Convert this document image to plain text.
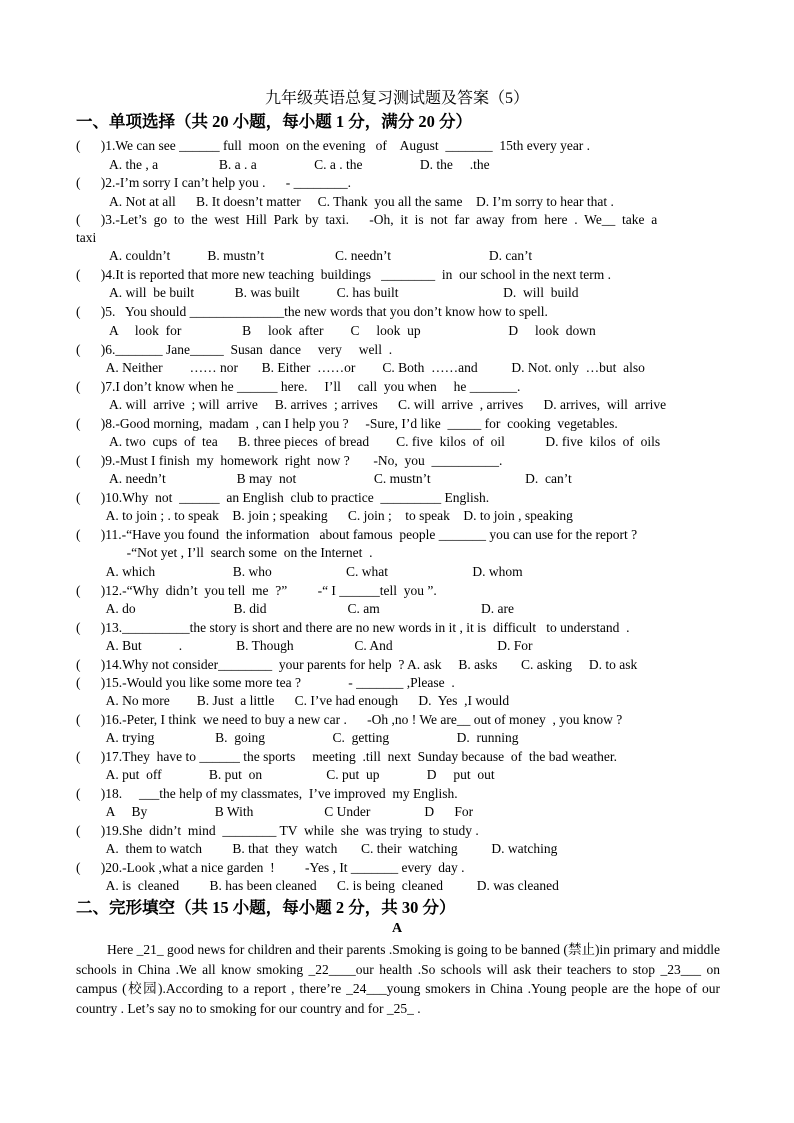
九年级英语总复习测试题及答案（5）
一、单项选择（共 20 小题，每小题 1 分，满分 20 分）
(      )1.We can see ______ full  moon  on the evening   of    August  _______  15th every year .
A. the , a                  B. a . a                 C. a . the                 D. the     .the
(      )2.-I’m sorry I can’t help you .      - ________.
A. Not at all      B. It doesn’t matter     C. Thank  you all the same    D. I’m sorry to hear that .
(      )3.-Let’s  go  to  the  west  Hill  Park  by  taxi.      -Oh,  it  is  not  far  away  from  here  .  We__  take  a
taxi
A. couldn’t           B. mustn’t                     C. needn’t                             D. can’t
(      )4.It is reported that more new teaching  buildings   ________  in  our school in the next term .
A. will  be built            B. was built           C. has built                               D.  will  build
(      )5.   You should ______________the new words that you don’t know how to spell.
A     look  for                  B     look  after        C     look  up                          D     look  down
(      )6._______ Jane_____  Susan  dance     very     well  .
A. Neither        …… nor       B. Either  ……or        C. Both  ……and          D. Not. only  …but  also
(      )7.I don’t know when he ______ here.     I’ll     call  you when     he _______.
A. will  arrive  ; will  arrive     B. arrives  ; arrives      C. will  arrive  , arrives      D. arrives,  will  arrive
(      )8.-Good morning,  madam  , can I help you ?     -Sure, I’d like  _____ for  cooking  vegetables.
A. two  cups  of  tea      B. three pieces  of bread        C. five  kilos  of  oil            D. five  kilos  of  oils
(      )9.-Must I finish  my  homework  right  now ?       -No,  you  __________.
A. needn’t                     B may  not                       C. mustn’t                            D.  can’t
(      )10.Why  not  ______  an English  club to practice  _________ English.
A. to join ; . to speak    B. join ; speaking      C. join ;    to speak    D. to join , speaking
(      )11.-“Have you found  the information   about famous  people _______ you can use for the report ?
-“Not yet , I’ll  search some  on the Internet  .
A. which                       B. who                      C. what                         D. whom
(      )12.-“Why  didn’t  you tell  me  ?”         -“ I ______tell  you ”.
A. do                             B. did                        C. am                              D. are
(      )13.__________the story is short and there are no new words in it , it is  difficult   to understand  .
A. But           .                B. Though                  C. And                               D. For
(      )14.Why not consider________  your parents for help  ? A. ask     B. asks       C. asking     D. to ask
(      )15.-Would you like some more tea ?              - _______ ,Please  .
A. No more        B. Just  a little      C. I’ve had enough      D.  Yes  ,I would
(      )16.-Peter, I think  we need to buy a new car .      -Oh ,no ! We are__ out of money  , you know ?
A. trying                  B.  going                    C.  getting                    D.  running
(      )17.They  have to ______ the sports     meeting  .till  next  Sunday because  of  the bad weather.
A. put  off              B. put  on                   C. put  up              D     put  out
(      )18.     ___the help of my classmates,  I’ve improved  my English.
A     By                    B With                     C Under                D      For
(      )19.She  didn’t  mind  ________ TV  while  she  was trying  to study .
A.  them to watch         B. that  they  watch       C. their  watching          D. watching
(      )20.-Look ,what a nice garden  !         -Yes , It _______ every  day .
A. is  cleaned         B. has been cleaned      C. is being  cleaned          D. was cleaned
二、完形填空（共 15 小题，每小题 2 分，共 30 分）
A
Here _21_ good news for children and their parents .Smoking is going to be banned (禁止)in primary and middle schools in China .We all know smoking _22____our health .So schools will ask their teachers to stop _23___ on campus (校园).According to a report , there’re _24___young smokers in China .Young people are the hope of our country . Let’s say no to smoking for our country and for _25_ .
